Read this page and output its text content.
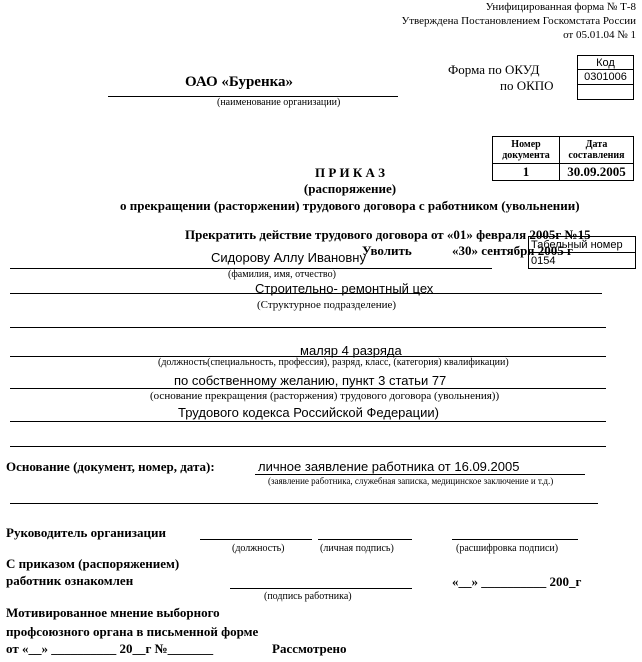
Унифицированная форма № Т-8
Утверждена Постановлением Госкомстата России
от 05.01.04 № 1
Форма по ОКУД
по ОКПО
Код
0301006

ОАО «Буренка»
(наименование организации)
Номер
документа	Дата
составления
1	30.09.2005
П Р И К А З
(распоряжение)
о прекращении (расторжении) трудового договора с работником (увольнении)
Прекратить действие трудового договора от «01» февраля 2005г №15
Уволить	«30» сентября 2005 г
Табельный номер
0154
Сидорову Аллу Ивановну
(фамилия, имя, отчество)
Строительно- ремонтный цех
(Структурное подразделение)
маляр 4 разряда
(должность(специальность, профессия), разряд, класс, (категория) квалификации)
по собственному желанию, пункт 3 статьи 77
(основание прекращения (расторжения) трудового договора (увольнения))
Трудового кодекса Российской Федерации)
Основание (документ, номер, дата):	личное заявление работника от 16.09.2005
(заявление работника, служебная записка, медицинское заключение и т.д.)
Руководитель организации
(должность)	(личная подпись)	(расшифровка подписи)
С приказом (распоряжением)
работник ознакомлен	«__» __________ 200_г
(подпись работника)
Мотивированное мнение выборного
профсоюзного органа в письменной форме
от «__» __________ 20__г №_______	Рассмотрено
